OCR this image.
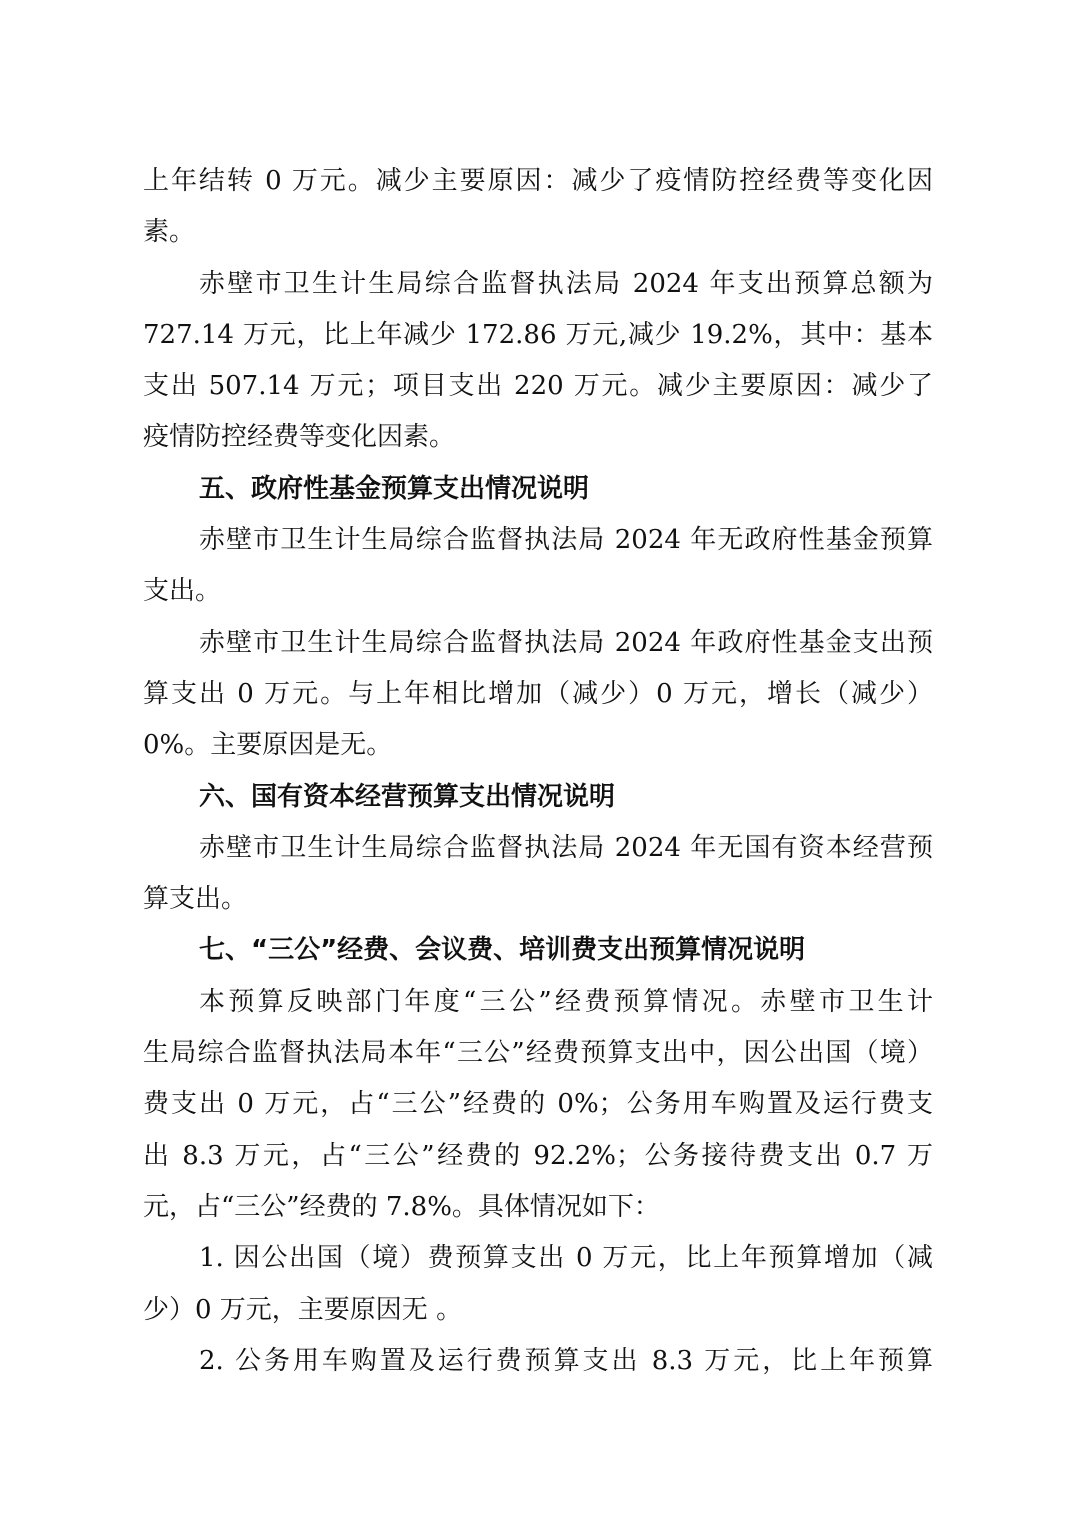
上年结转 0 万元。减少主要原因：减少了疫情防控经费等变化因
素。
赤壁市卫生计生局综合监督执法局 2024 年支出预算总额为
727.14 万元，比上年减少 172.86 万元,减少 19.2%，其中：基本
支出 507.14 万元；项目支出 220 万元。减少主要原因：减少了
疫情防控经费等变化因素。
五、政府性基金预算支出情况说明
赤壁市卫生计生局综合监督执法局 2024 年无政府性基金预算
支出。
赤壁市卫生计生局综合监督执法局 2024 年政府性基金支出预
算支出 0 万元。与上年相比增加（减少）0 万元，增长（减少）
0%。主要原因是无。
六、国有资本经营预算支出情况说明
赤壁市卫生计生局综合监督执法局 2024 年无国有资本经营预
算支出。
七、“三公”经费、会议费、培训费支出预算情况说明
本预算反映部门年度“三公”经费预算情况。赤壁市卫生计
生局综合监督执法局本年“三公”经费预算支出中，因公出国（境）
费支出 0 万元，占“三公”经费的 0%；公务用车购置及运行费支
出 8.3 万元，占“三公”经费的 92.2%；公务接待费支出 0.7 万
元，占“三公”经费的 7.8%。具体情况如下：
1. 因公出国（境）费预算支出 0 万元，比上年预算增加（减
少）0 万元，主要原因无 。
2. 公务用车购置及运行费预算支出 8.3 万元，比上年预算
